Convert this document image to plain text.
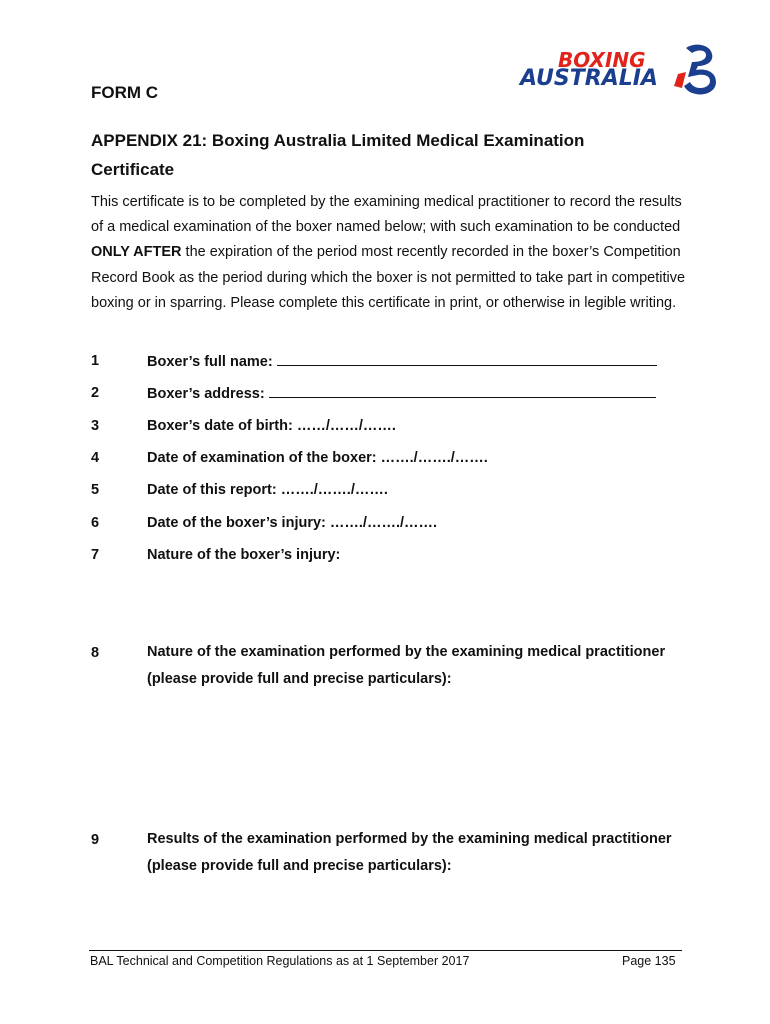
BOXING
AUSTRALIA
FORM C
APPENDIX 21: Boxing Australia Limited Medical Examination
Certificate
This certificate is to be completed by the examining medical practitioner to record the results of a medical examination of the boxer named below; with such examination to be conducted ONLY AFTER the expiration of the period most recently recorded in the boxer’s Competition Record Book as the period during which the boxer is not permitted to take part in competitive boxing or in sparring. Please complete this certificate in print, or otherwise in legible writing.
1	Boxer’s full name:
2	Boxer’s address:
3	Boxer’s date of birth: ……/……/…….
4	Date of examination of the boxer: ……./……./…….
5	Date of this report: ……./……./…….
6	Date of the boxer’s injury: ……./……./…….
7	Nature of the boxer’s injury:
8	Nature of the examination performed by the examining medical practitioner (please provide full and precise particulars):
9	Results of the examination performed by the examining medical practitioner (please provide full and precise particulars):
BAL Technical and Competition Regulations as at 1 September 2017	Page 135
